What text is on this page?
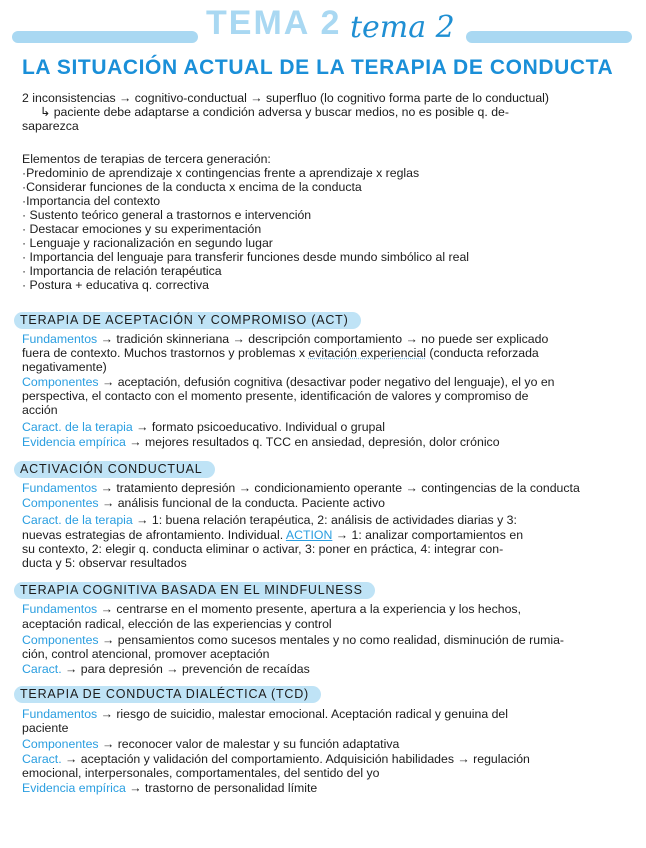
TEMA 2 tema 2
LA SITUACIÓN ACTUAL DE LA TERAPIA DE CONDUCTA
2 inconsistencias → cognitivo-conductual → superfluo (lo cognitivo forma parte de lo conductual)
↳ paciente debe adaptarse a condición adversa y buscar medios, no es posible q. de-
saparezca
Elementos de terapias de tercera generación:
·Predominio de aprendizaje x contingencias frente a aprendizaje x reglas
·Considerar funciones de la conducta x encima de la conducta
·Importancia del contexto
· Sustento teórico general a trastornos e intervención
· Destacar emociones y su experimentación
· Lenguaje y racionalización en segundo lugar
· Importancia del lenguaje para transferir funciones desde mundo simbólico al real
· Importancia de relación terapéutica
· Postura + educativa q. correctiva
TERAPIA DE ACEPTACIÓN Y COMPROMISO (ACT)
Fundamentos → tradición skinneriana → descripción comportamiento → no puede ser explicado
fuera de contexto. Muchos trastornos y problemas x evitación experiencial (conducta reforzada
negativamente)
Componentes → aceptación, defusión cognitiva (desactivar poder negativo del lenguaje), el yo en
perspectiva, el contacto con el momento presente, identificación de valores y compromiso de
acción
Caract. de la terapia → formato psicoeducativo. Individual o grupal
Evidencia empírica → mejores resultados q. TCC en ansiedad, depresión, dolor crónico
ACTIVACIÓN CONDUCTUAL
Fundamentos → tratamiento depresión → condicionamiento operante → contingencias de la conducta
Componentes → análisis funcional de la conducta. Paciente activo
Caract. de la terapia → 1: buena relación terapéutica, 2: análisis de actividades diarias y 3:
nuevas estrategias de afrontamiento. Individual. ACTION → 1: analizar comportamientos en
su contexto, 2: elegir q. conducta eliminar o activar, 3: poner en práctica, 4: integrar con-
ducta y 5: observar resultados
TERAPIA COGNITIVA BASADA EN EL MINDFULNESS
Fundamentos → centrarse en el momento presente, apertura a la experiencia y los hechos,
aceptación radical, elección de las experiencias y control
Componentes → pensamientos como sucesos mentales y no como realidad, disminución de rumia-
ción, control atencional, promover aceptación
Caract. → para depresión → prevención de recaídas
TERAPIA DE CONDUCTA DIALÉCTICA (TCD)
Fundamentos → riesgo de suicidio, malestar emocional. Aceptación radical y genuina del
paciente
Componentes → reconocer valor de malestar y su función adaptativa
Caract. → aceptación y validación del comportamiento. Adquisición habilidades → regulación
emocional, interpersonales, comportamentales, del sentido del yo
Evidencia empírica → trastorno de personalidad límite
